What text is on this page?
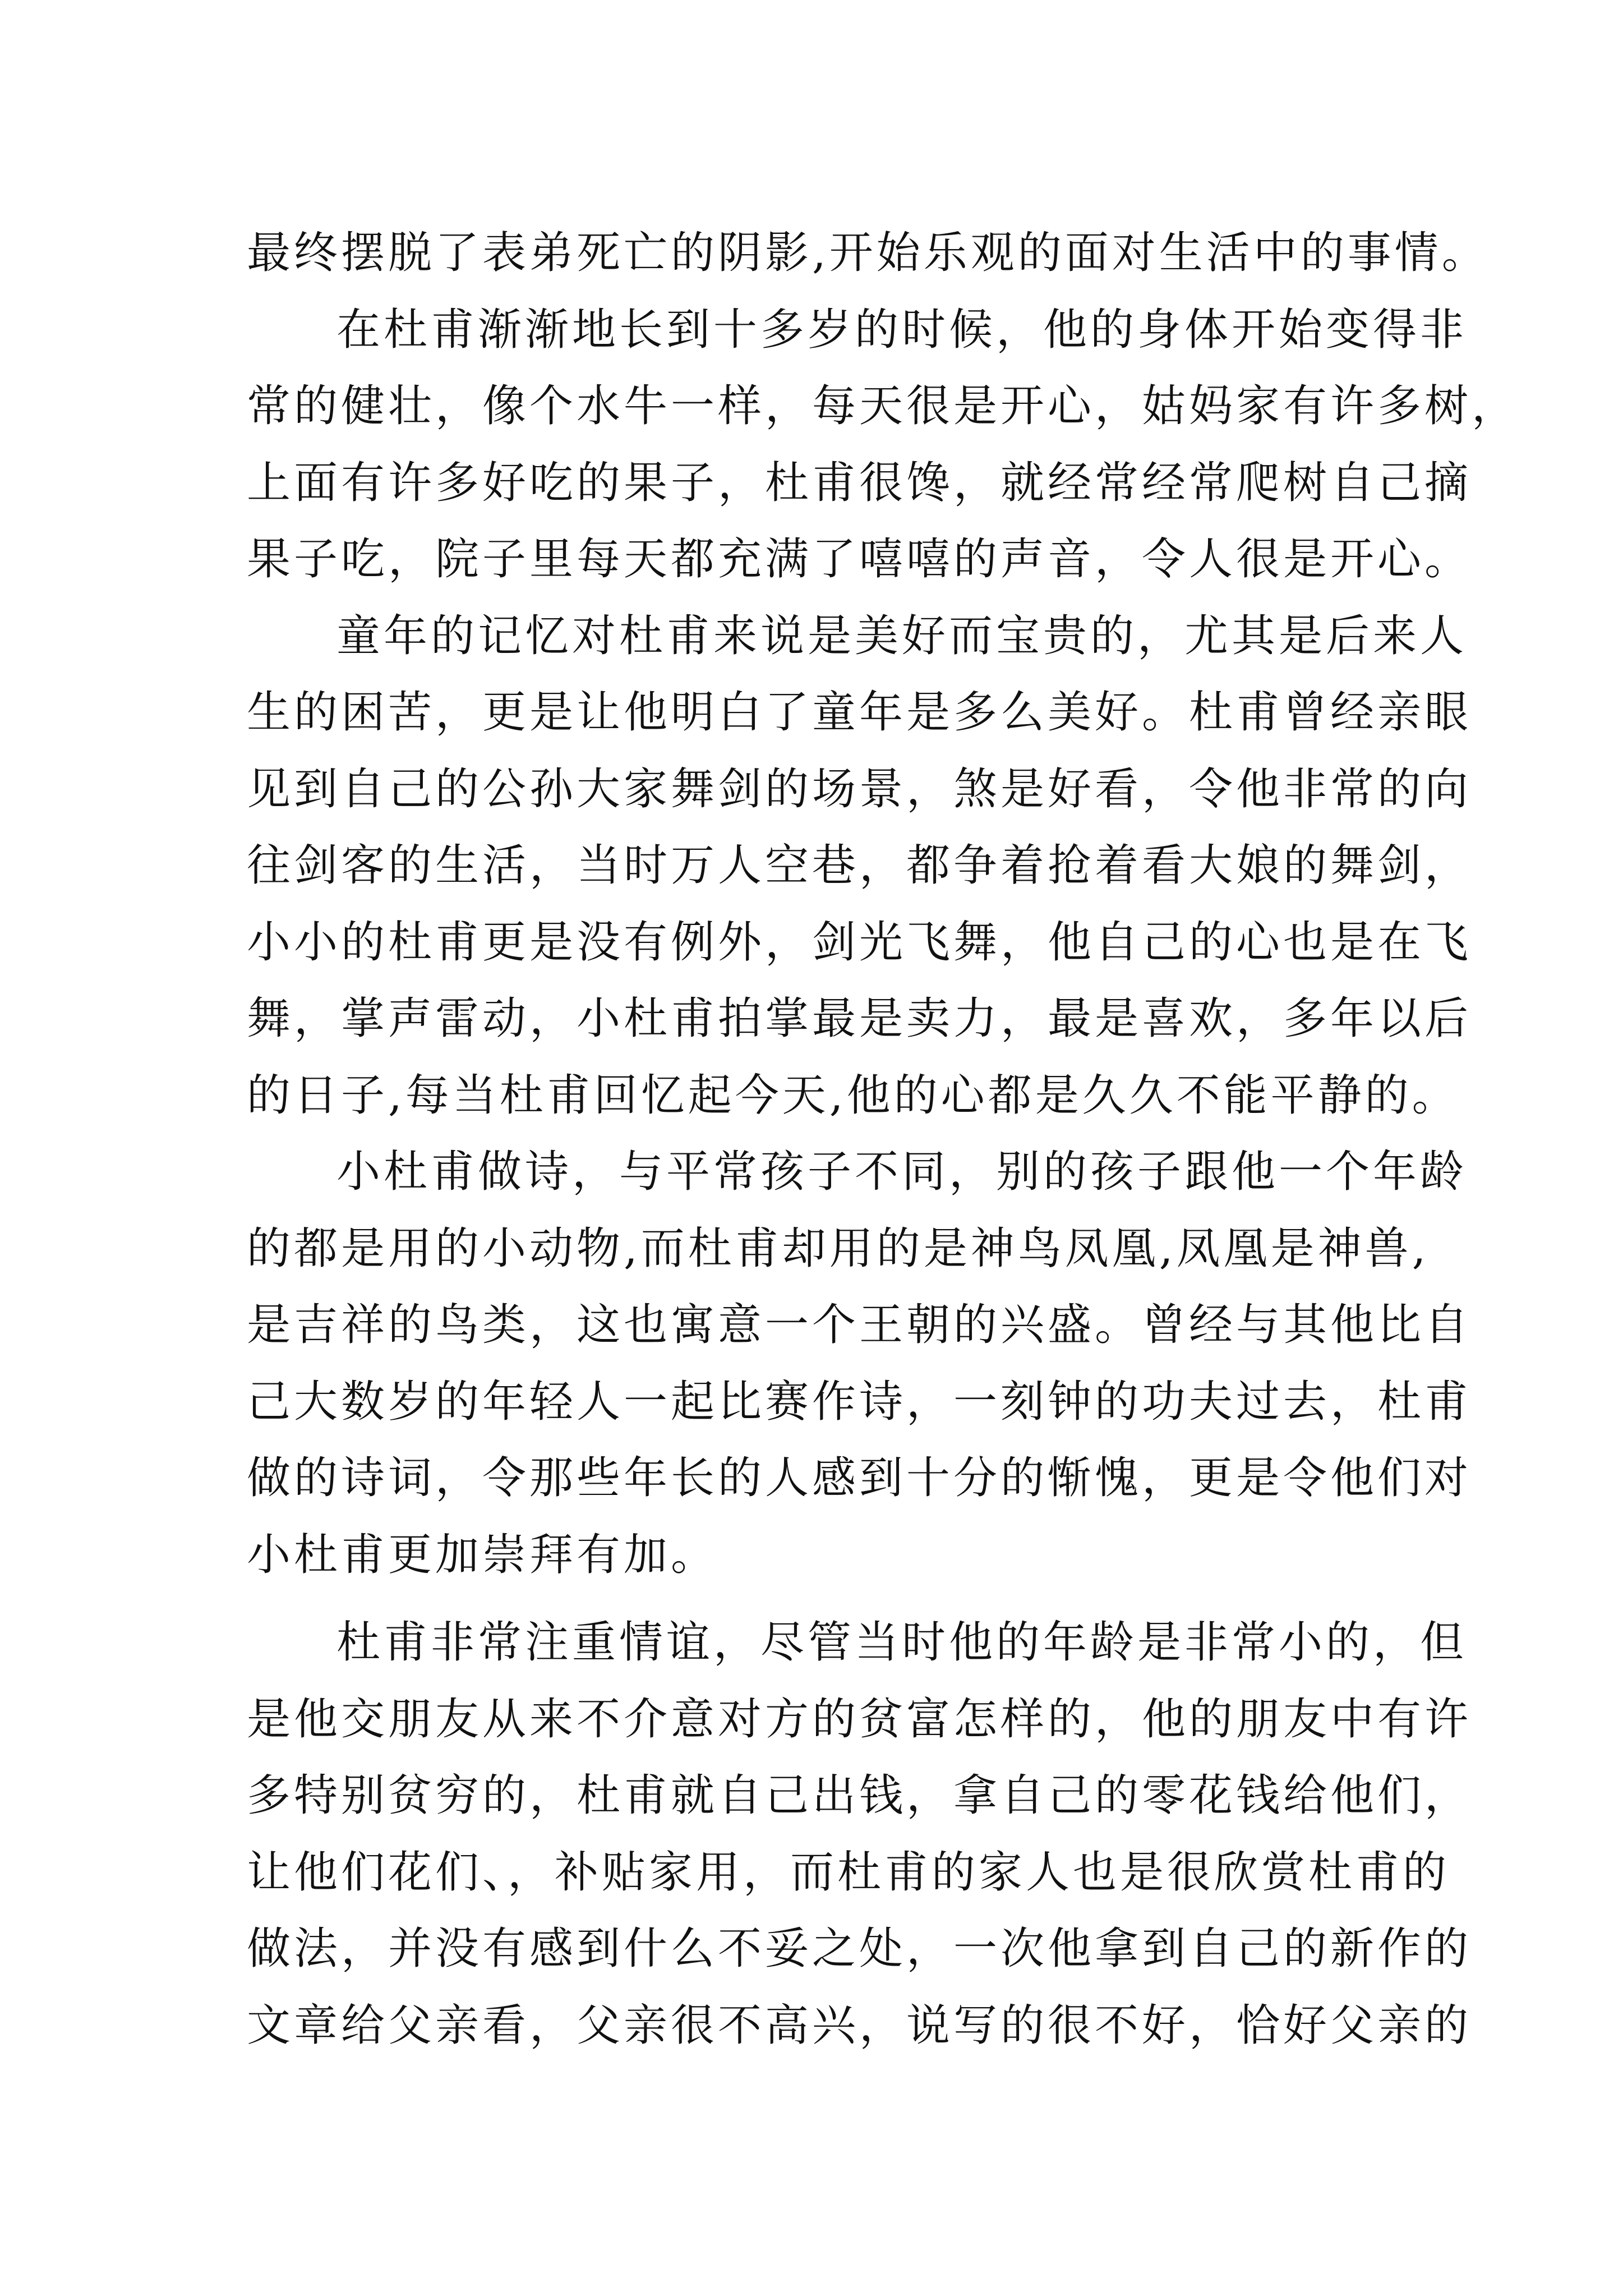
最终摆脱了表弟死亡的阴影,开始乐观的面对生活中的事情。
在杜甫渐渐地长到十多岁的时候，他的身体开始变得非
常的健壮，像个水牛一样，每天很是开心，姑妈家有许多树，
上面有许多好吃的果子，杜甫很馋，就经常经常爬树自己摘
果子吃，院子里每天都充满了嘻嘻的声音，令人很是开心。
童年的记忆对杜甫来说是美好而宝贵的，尤其是后来人
生的困苦，更是让他明白了童年是多么美好。杜甫曾经亲眼
见到自己的公孙大家舞剑的场景，煞是好看，令他非常的向
往剑客的生活，当时万人空巷，都争着抢着看大娘的舞剑，
小小的杜甫更是没有例外，剑光飞舞，他自己的心也是在飞
舞，掌声雷动，小杜甫拍掌最是卖力，最是喜欢，多年以后
的日子,每当杜甫回忆起今天,他的心都是久久不能平静的。
小杜甫做诗，与平常孩子不同，别的孩子跟他一个年龄
的都是用的小动物,而杜甫却用的是神鸟凤凰,凤凰是神兽,
是吉祥的鸟类，这也寓意一个王朝的兴盛。曾经与其他比自
己大数岁的年轻人一起比赛作诗，一刻钟的功夫过去，杜甫
做的诗词，令那些年长的人感到十分的惭愧，更是令他们对
小杜甫更加崇拜有加。
杜甫非常注重情谊，尽管当时他的年龄是非常小的，但
是他交朋友从来不介意对方的贫富怎样的，他的朋友中有许
多特别贫穷的，杜甫就自己出钱，拿自己的零花钱给他们，
让他们花们、，补贴家用，而杜甫的家人也是很欣赏杜甫的
做法，并没有感到什么不妥之处，一次他拿到自己的新作的
文章给父亲看，父亲很不高兴，说写的很不好，恰好父亲的
